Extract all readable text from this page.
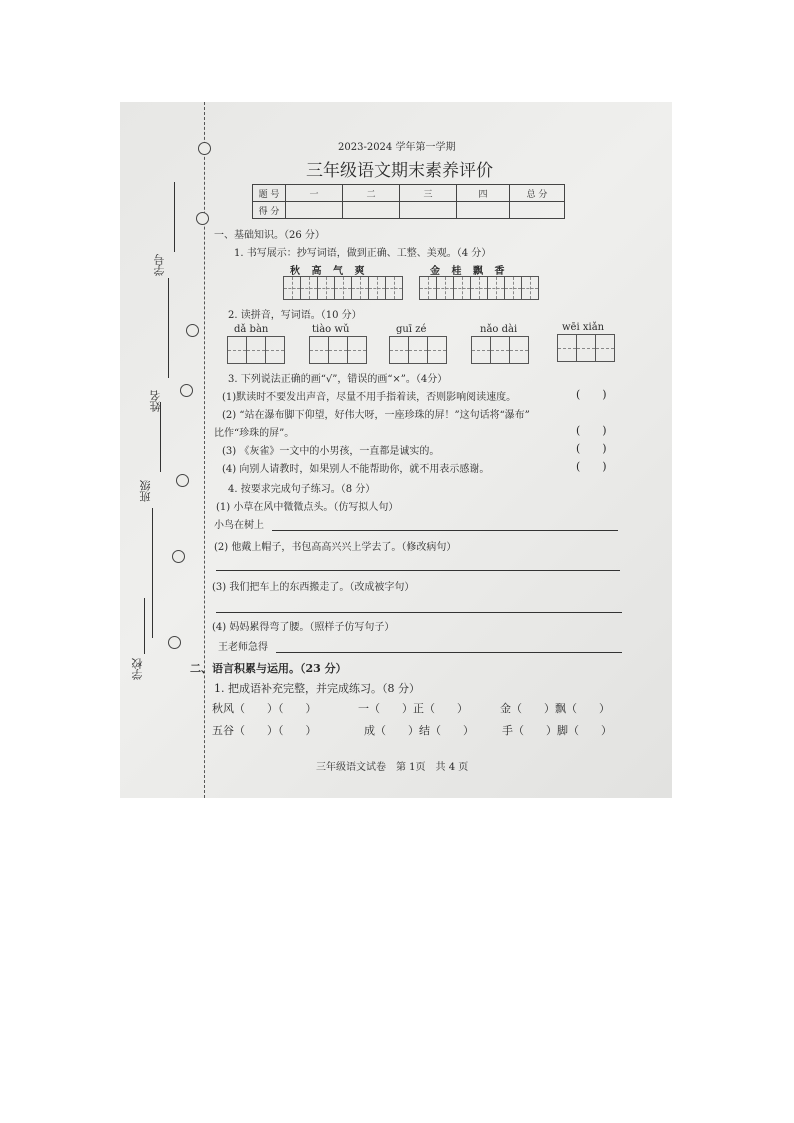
学号
姓名
班级
学校
2023-2024 学年第一学期
三年级语文期末素养评价
题 号	一	二	三	四	总 分
得 分					
一、基础知识。（26 分）
1. 书写展示：抄写词语，做到正确、工整、美观。（4 分）
秋 高 气 爽	金 桂 飘 香
2. 读拼音，写词语。（10 分）
dǎ bàn	tiào wǔ	guī zé	nǎo dài	wēi xiǎn
3. 下列说法正确的画“√”，错误的画“×”。（4分）
(1)默读时不要发出声音，尽量不用手指着读，否则影响阅读速度。	(　　)
(2) “站在瀑布脚下仰望，好伟大呀，一座珍珠的屏！”这句话将“瀑布”
比作“珍珠的屏”。	(　　)
(3) 《灰雀》一文中的小男孩，一直都是诚实的。	(　　)
(4) 向别人请教时，如果别人不能帮助你，就不用表示感谢。	(　　)
4. 按要求完成句子练习。（8 分）
(1) 小草在风中微微点头。（仿写拟人句）
小鸟在树上
(2) 他戴上帽子，书包高高兴兴上学去了。（修改病句）
(3) 我们把车上的东西搬走了。（改成被字句）
(4) 妈妈累得弯了腰。（照样子仿写句子）
王老师急得
二、语言积累与运用。（23 分）
1. 把成语补充完整，并完成练习。（8 分）
秋风（　　）（　　）	一（　　）正（　　）	金（　　）飘（　　）
五谷（　　）（　　）	成（　　）结（　　）	手（　　）脚（　　）
三年级语文试卷　第 1页　共 4 页
